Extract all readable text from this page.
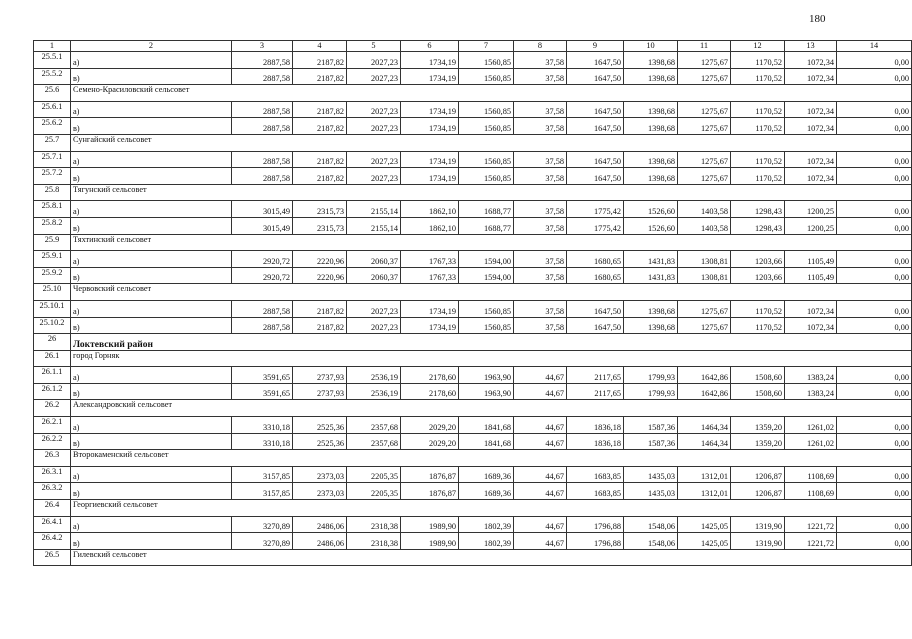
180
1	2	3	4	5	6	7	8	9	10	11	12	13	14
25.5.1	а)	2887,58	2187,82	2027,23	1734,19	1560,85	37,58	1647,50	1398,68	1275,67	1170,52	1072,34	0,00
25.5.2	в)	2887,58	2187,82	2027,23	1734,19	1560,85	37,58	1647,50	1398,68	1275,67	1170,52	1072,34	0,00
25.6	Семено-Красиловский сельсовет												
25.6.1	а)	2887,58	2187,82	2027,23	1734,19	1560,85	37,58	1647,50	1398,68	1275,67	1170,52	1072,34	0,00
25.6.2	в)	2887,58	2187,82	2027,23	1734,19	1560,85	37,58	1647,50	1398,68	1275,67	1170,52	1072,34	0,00
25.7	Сунгайский сельсовет												
25.7.1	а)	2887,58	2187,82	2027,23	1734,19	1560,85	37,58	1647,50	1398,68	1275,67	1170,52	1072,34	0,00
25.7.2	в)	2887,58	2187,82	2027,23	1734,19	1560,85	37,58	1647,50	1398,68	1275,67	1170,52	1072,34	0,00
25.8	Тягунский сельсовет												
25.8.1	а)	3015,49	2315,73	2155,14	1862,10	1688,77	37,58	1775,42	1526,60	1403,58	1298,43	1200,25	0,00
25.8.2	в)	3015,49	2315,73	2155,14	1862,10	1688,77	37,58	1775,42	1526,60	1403,58	1298,43	1200,25	0,00
25.9	Тяхтинский сельсовет												
25.9.1	а)	2920,72	2220,96	2060,37	1767,33	1594,00	37,58	1680,65	1431,83	1308,81	1203,66	1105,49	0,00
25.9.2	в)	2920,72	2220,96	2060,37	1767,33	1594,00	37,58	1680,65	1431,83	1308,81	1203,66	1105,49	0,00
25.10	Червовский сельсовет												
25.10.1	а)	2887,58	2187,82	2027,23	1734,19	1560,85	37,58	1647,50	1398,68	1275,67	1170,52	1072,34	0,00
25.10.2	в)	2887,58	2187,82	2027,23	1734,19	1560,85	37,58	1647,50	1398,68	1275,67	1170,52	1072,34	0,00
26	Локтевский район												
26.1	город Горняк												
26.1.1	а)	3591,65	2737,93	2536,19	2178,60	1963,90	44,67	2117,65	1799,93	1642,86	1508,60	1383,24	0,00
26.1.2	в)	3591,65	2737,93	2536,19	2178,60	1963,90	44,67	2117,65	1799,93	1642,86	1508,60	1383,24	0,00
26.2	Александровский сельсовет												
26.2.1	а)	3310,18	2525,36	2357,68	2029,20	1841,68	44,67	1836,18	1587,36	1464,34	1359,20	1261,02	0,00
26.2.2	в)	3310,18	2525,36	2357,68	2029,20	1841,68	44,67	1836,18	1587,36	1464,34	1359,20	1261,02	0,00
26.3	Второкаменский сельсовет												
26.3.1	а)	3157,85	2373,03	2205,35	1876,87	1689,36	44,67	1683,85	1435,03	1312,01	1206,87	1108,69	0,00
26.3.2	в)	3157,85	2373,03	2205,35	1876,87	1689,36	44,67	1683,85	1435,03	1312,01	1206,87	1108,69	0,00
26.4	Георгиевский сельсовет												
26.4.1	а)	3270,89	2486,06	2318,38	1989,90	1802,39	44,67	1796,88	1548,06	1425,05	1319,90	1221,72	0,00
26.4.2	в)	3270,89	2486,06	2318,38	1989,90	1802,39	44,67	1796,88	1548,06	1425,05	1319,90	1221,72	0,00
26.5	Гилевский сельсовет												
